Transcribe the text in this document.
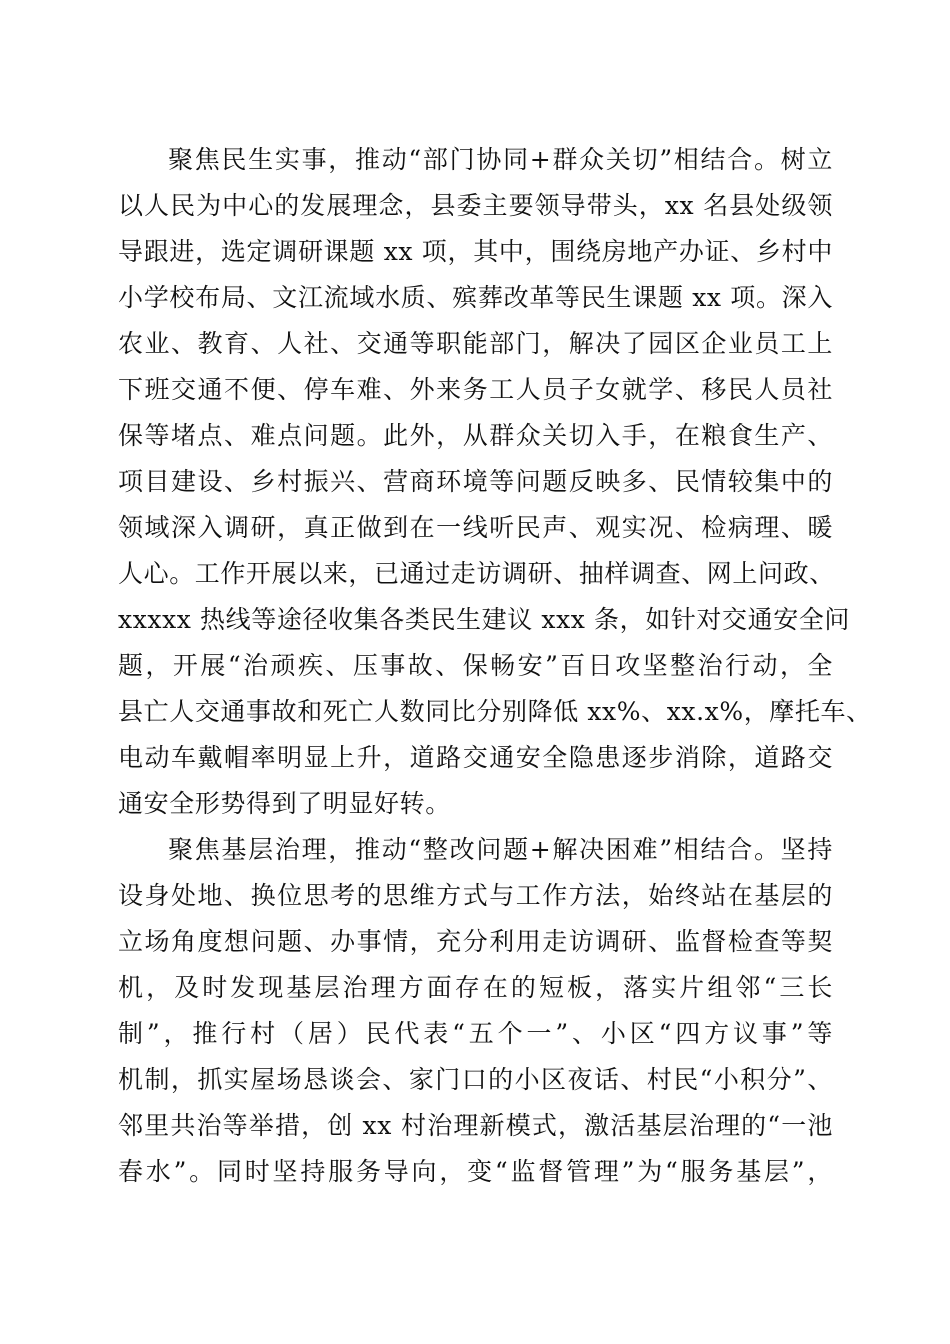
聚焦民生实事，推动“部门协同+群众关切”相结合。树立
以人民为中心的发展理念，县委主要领导带头，xx 名县处级领
导跟进，选定调研课题 xx 项，其中，围绕房地产办证、乡村中
小学校布局、文江流域水质、殡葬改革等民生课题 xx 项。深入
农业、教育、人社、交通等职能部门，解决了园区企业员工上
下班交通不便、停车难、外来务工人员子女就学、移民人员社
保等堵点、难点问题。此外，从群众关切入手，在粮食生产、
项目建设、乡村振兴、营商环境等问题反映多、民情较集中的
领域深入调研，真正做到在一线听民声、观实况、检病理、暖
人心。工作开展以来，已通过走访调研、抽样调查、网上问政、
xxxxx 热线等途径收集各类民生建议 xxx 条，如针对交通安全问
题，开展“治顽疾、压事故、保畅安”百日攻坚整治行动，全
县亡人交通事故和死亡人数同比分别降低 xx%、xx.x%，摩托车、
电动车戴帽率明显上升，道路交通安全隐患逐步消除，道路交
通安全形势得到了明显好转。
聚焦基层治理，推动“整改问题+解决困难”相结合。坚持
设身处地、换位思考的思维方式与工作方法，始终站在基层的
立场角度想问题、办事情，充分利用走访调研、监督检查等契
机，及时发现基层治理方面存在的短板，落实片组邻“三长
制”，推行村（居）民代表“五个一”、小区“四方议事”等
机制，抓实屋场恳谈会、家门口的小区夜话、村民“小积分”、
邻里共治等举措，创 xx 村治理新模式，激活基层治理的“一池
春水”。同时坚持服务导向，变“监督管理”为“服务基层”，
